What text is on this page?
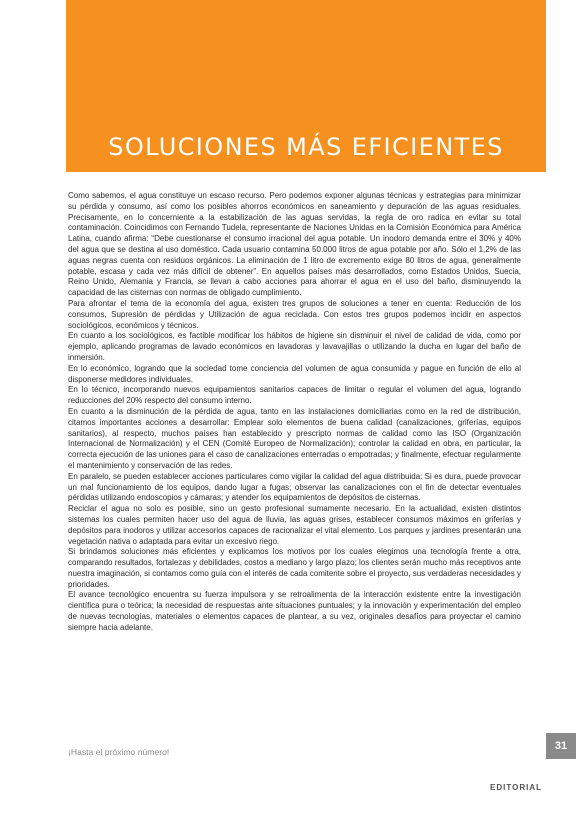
SOLUCIONES MÁS EFICIENTES

Como sabemos, el agua constituye un escaso recurso. Pero podemos exponer algunas técnicas y estrategias para minimizar su pérdida y consumo, así como los posibles ahorros económicos en saneamiento y depuración de las aguas residuales. Precisamente, en lo concerniente a la estabilización de las aguas servidas, la regla de oro radica en evitar su total contaminación. Coincidimos con Fernando Tudela, representante de Naciones Unidas en la Comisión Económica para América Latina, cuando afirma: “Debe cuestionarse el consumo irracional del agua potable. Un inodoro demanda entre el 30% y 40% del agua que se destina al uso doméstico. Cada usuario contamina 50.000 litros de agua potable por año. Sólo el 1,2% de las aguas negras cuenta con residuos orgánicos. La eliminación de 1 litro de excremento exige 80 litros de agua, generalmente potable, escasa y cada vez más difícil de obtener”. En aquellos países más desarrollados, como Estados Unidos, Suecia, Reino Unido, Alemania y Francia, se llevan a cabo acciones para ahorrar el agua en el uso del baño, disminuyendo la capacidad de las cisternas con normas de obligado cumplimiento.

Para afrontar el tema de la economía del agua, existen tres grupos de soluciones a tener en cuenta: Reducción de los consumos, Supresión de pérdidas y Utilización de agua reciclada. Con estos tres grupos podemos incidir en aspectos sociológicos, económicos y técnicos.

En cuanto a los sociológicos, es factible modificar los hábitos de higiene sin disminuir el nivel de calidad de vida, como por ejemplo, aplicando programas de lavado económicos en lavadoras y lavavajillas o utilizando la ducha en lugar del baño de inmersión.

En lo económico, logrando que la sociedad tome conciencia del volumen de agua consumida y pague en función de ello al disponerse medidores individuales.

En lo técnico, incorporando nuevos equipamientos sanitarios capaces de limitar o regular el volumen del agua, logrando reducciones del 20% respecto del consumo interno.

En cuanto a la disminución de la pérdida de agua, tanto en las instalaciones domiciliarias como en la red de distribución, citamos importantes acciones a desarrollar: Emplear solo elementos de buena calidad (canalizaciones, griferías, equipos sanitarios), al respecto, muchos países han establecido y prescripto normas de calidad como las ISO (Organización Internacional de Normalización) y el CEN (Comité Europeo de Normalización); controlar la calidad en obra, en particular, la correcta ejecución de las uniones para el caso de canalizaciones enterradas o empotradas; y finalmente, efectuar regularmente el mantenimiento y conservación de las redes.

En paralelo, se pueden establecer acciones particulares como vigilar la calidad del agua distribuida: Si es dura, puede provocar un mal funcionamiento de los equipos, dando lugar a fugas; observar las canalizaciones con el fin de detectar eventuales pérdidas utilizando endoscopios y cámaras; y atender los equipamientos de depósitos de cisternas.

Reciclar el agua no solo es posible, sino un gesto profesional sumamente necesario. En la actualidad, existen distintos sistemas los cuales permiten hacer uso del agua de lluvia, las aguas grises, establecer consumos máximos en griferías y depósitos para inodoros y utilizar accesorios capaces de racionalizar el vital elemento. Los parques y jardines presentarán una vegetación nativa o adaptada para evitar un excesivo riego.

Si brindamos soluciones más eficientes y explicamos los motivos por los cuales elegimos una tecnología frente a otra, comparando resultados, fortalezas y debilidades, costos a mediano y largo plazo; los clientes serán mucho más receptivos ante nuestra imaginación, si contamos como guía con el interés de cada comitente sobre el proyecto, sus verdaderas necesidades y prioridades.

El avance tecnológico encuentra su fuerza impulsora y se retroalimenta de la interacción existente entre la investigación científica pura o teórica; la necesidad de respuestas ante situaciones puntuales; y la innovación y experimentación del empleo de nuevas tecnologías, materiales o elementos capaces de plantear, a su vez, originales desafíos para proyectar el camino siempre hacia adelante.

¡Hasta el próximo número!	31
EDITORIAL
